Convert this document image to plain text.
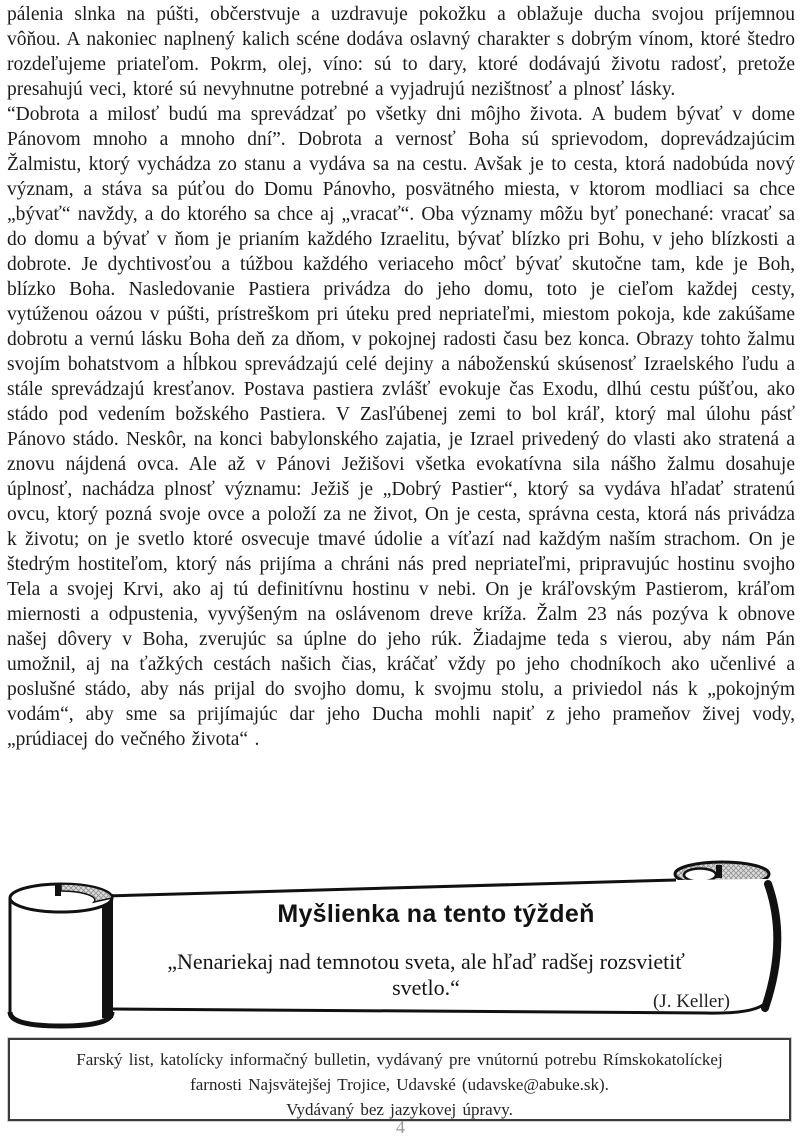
pálenia slnka na púšti, občerstvuje a uzdravuje pokožku a oblažuje ducha svojou príjemnou vôňou. A nakoniec naplnený kalich scéne dodáva oslavný charakter s dobrým vínom, ktoré štedro rozdeľujeme priateľom. Pokrm, olej, víno: sú to dary, ktoré dodávajú životu radosť, pretože presahujú veci, ktoré sú nevyhnutne potrebné a vyjadrujú nezištnosť a plnosť lásky.

“Dobrota a milosť budú ma sprevádzať po všetky dni môjho života. A budem bývať v dome Pánovom mnoho a mnoho dní”. Dobrota a vernosť Boha sú sprievodom, doprevádzajúcim Žalmistu, ktorý vychádza zo stanu a vydáva sa na cestu. Avšak je to cesta, ktorá nadobúda nový význam, a stáva sa púťou do Domu Pánovho, posvätného miesta, v ktorom modliaci sa chce „bývať“ navždy, a do ktorého sa chce aj „vracať“. Oba významy môžu byť ponechané: vracať sa do domu a bývať v ňom je prianím každého Izraelitu, bývať blízko pri Bohu, v jeho blízkosti a dobrote. Je dychtivosťou a túžbou každého veriaceho môcť bývať skutočne tam, kde je Boh, blízko Boha. Nasledovanie Pastiera privádza do jeho domu, toto je cieľom každej cesty, vytúženou oázou v púšti, prístreškom pri úteku pred nepriateľmi, miestom pokoja, kde zakúšame dobrotu a vernú lásku Boha deň za dňom, v pokojnej radosti času bez konca. Obrazy tohto žalmu svojím bohatstvom a hĺbkou sprevádzajú celé dejiny a náboženskú skúsenosť Izraelského ľudu a stále sprevádzajú kresťanov. Postava pastiera zvlášť evokuje čas Exodu, dlhú cestu púšťou, ako stádo pod vedením božského Pastiera. V Zasľúbenej zemi to bol kráľ, ktorý mal úlohu pásť Pánovo stádo. Neskôr, na konci babylonského zajatia, je Izrael privedený do vlasti ako stratená a znovu nájdená ovca. Ale až v Pánovi Ježišovi všetka evokatívna sila nášho žalmu dosahuje úplnosť, nachádza plnosť významu: Ježiš je „Dobrý Pastier“, ktorý sa vydáva hľadať stratenú ovcu, ktorý pozná svoje ovce a položí za ne život, On je cesta, správna cesta, ktorá nás privádza k životu; on je svetlo ktoré osvecuje tmavé údolie a víťazí nad každým naším strachom. On je štedrým hostiteľom, ktorý nás prijíma a chráni nás pred nepriateľmi, pripravujúc hostinu svojho Tela a svojej Krvi, ako aj tú definitívnu hostinu v nebi. On je kráľovským Pastierom, kráľom miernosti a odpustenia, vyvýšeným na oslávenom dreve kríža. Žalm 23 nás pozýva k obnove našej dôvery v Boha, zverujúc sa úplne do jeho rúk. Žiadajme teda s vierou, aby nám Pán umožnil, aj na ťažkých cestách našich čias, kráčať vždy po jeho chodníkoch ako učenlivé a poslušné stádo, aby nás prijal do svojho domu, k svojmu stolu, a priviedol nás k „pokojným vodám“, aby sme sa prijímajúc dar jeho Ducha mohli napiť z jeho prameňov živej vody, „prúdiacej do večného života“ .

Myšlienka na tento týždeň
„Nenariekaj nad temnotou sveta, ale hľaď radšej rozsvietiť svetlo.“
(J. Keller)
Farský list, katolícky informačný bulletin, vydávaný pre vnútornú potrebu Rímskokatolíckej
farnosti Najsvätejšej Trojice, Udavské (udavske@abuke.sk).
Vydávaný bez jazykovej úpravy.
4
